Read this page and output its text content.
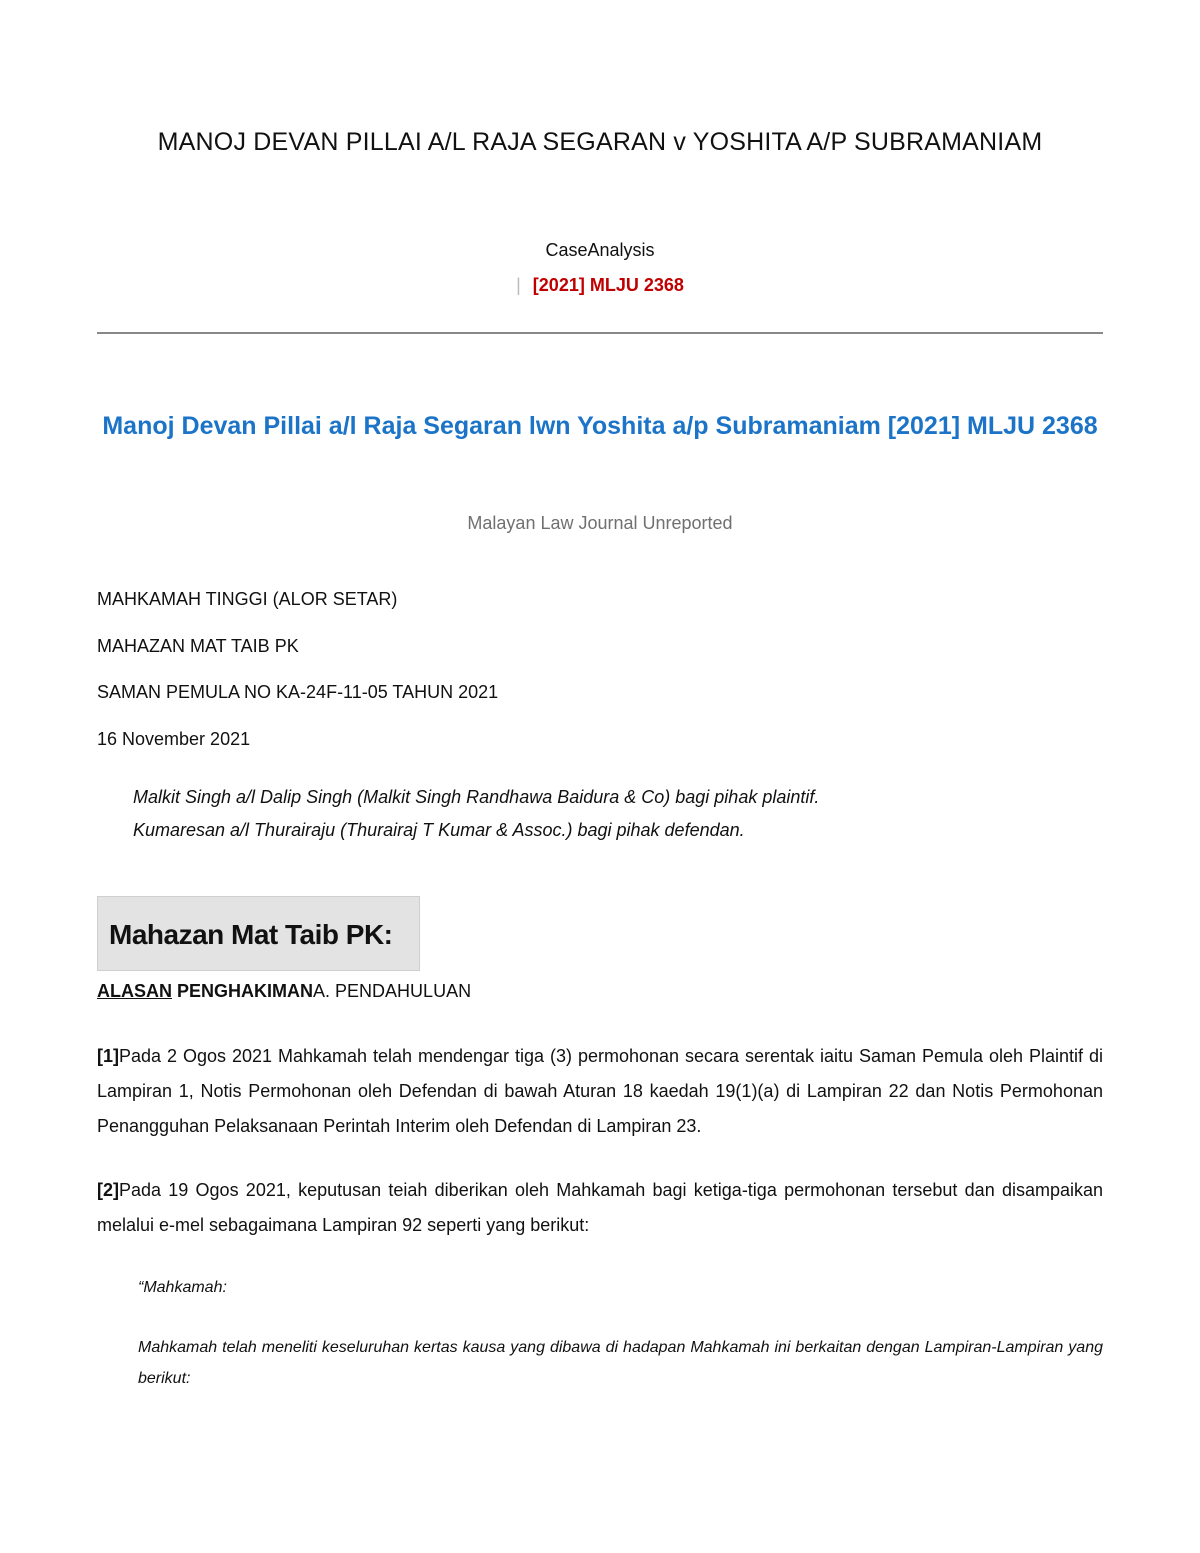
MANOJ DEVAN PILLAI A/L RAJA SEGARAN v YOSHITA A/P SUBRAMANIAM
CaseAnalysis
| [2021] MLJU 2368
Manoj Devan Pillai a/l Raja Segaran lwn Yoshita a/p Subramaniam [2021] MLJU 2368
Malayan Law Journal Unreported
MAHKAMAH TINGGI (ALOR SETAR)
MAHAZAN MAT TAIB PK
SAMAN PEMULA NO KA-24F-11-05 TAHUN 2021
16 November 2021
Malkit Singh a/l Dalip Singh (Malkit Singh Randhawa Baidura & Co) bagi pihak plaintif.
Kumaresan a/l Thurairaju (Thurairaj T Kumar & Assoc.) bagi pihak defendan.
Mahazan Mat Taib PK:
ALASAN PENGHAKIMANA. PENDAHULUAN
[1]Pada 2 Ogos 2021 Mahkamah telah mendengar tiga (3) permohonan secara serentak iaitu Saman Pemula oleh Plaintif di Lampiran 1, Notis Permohonan oleh Defendan di bawah Aturan 18 kaedah 19(1)(a) di Lampiran 22 dan Notis Permohonan Penangguhan Pelaksanaan Perintah Interim oleh Defendan di Lampiran 23.
[2]Pada 19 Ogos 2021, keputusan teiah diberikan oleh Mahkamah bagi ketiga-tiga permohonan tersebut dan disampaikan melalui e-mel sebagaimana Lampiran 92 seperti yang berikut:
“Mahkamah:
Mahkamah telah meneliti keseluruhan kertas kausa yang dibawa di hadapan Mahkamah ini berkaitan dengan Lampiran-Lampiran yang berikut:
